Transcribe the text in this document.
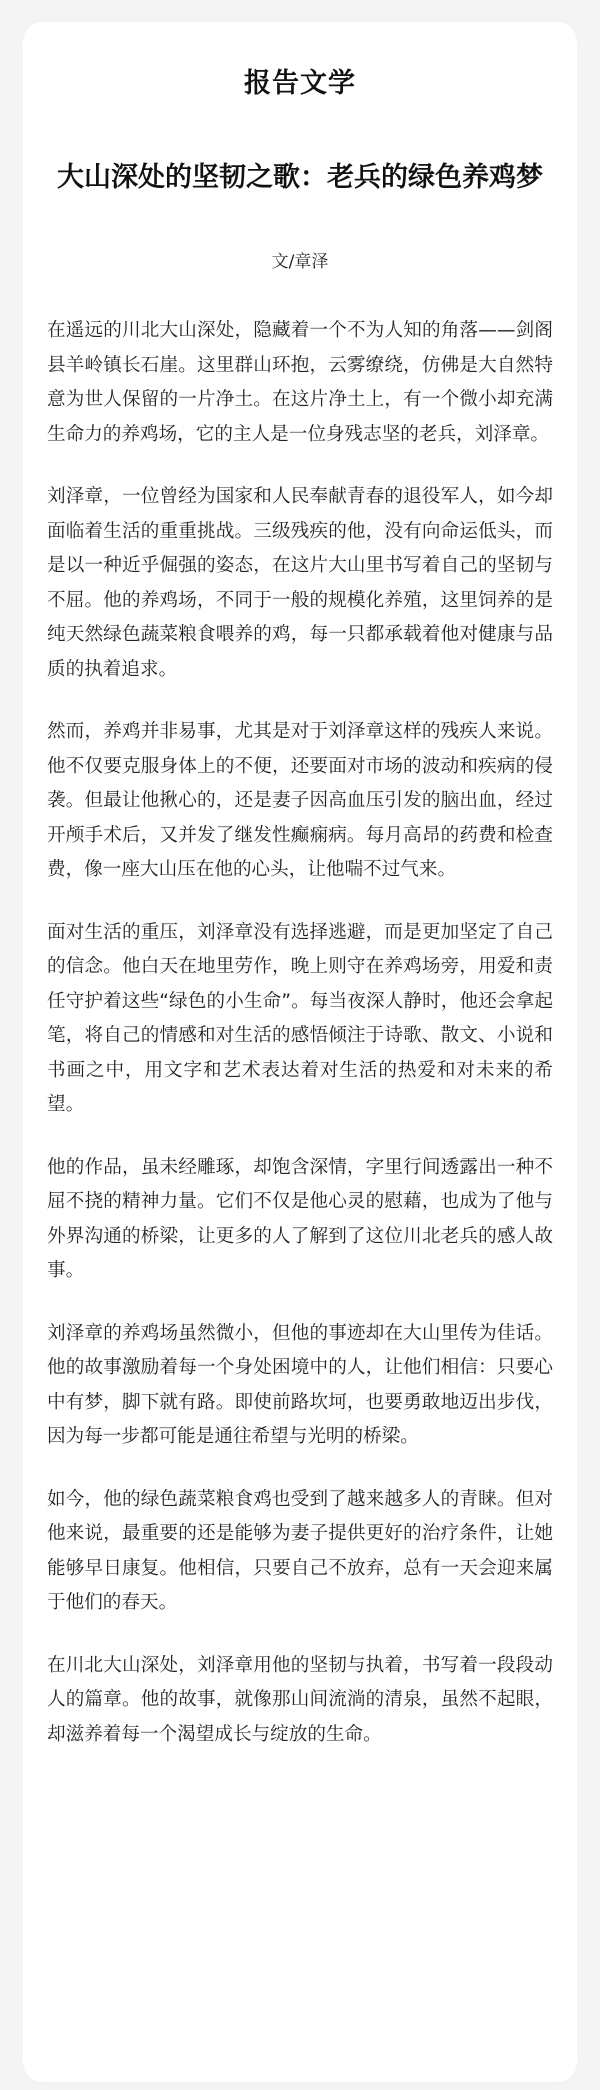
报告文学
大山深处的坚韧之歌：老兵的绿色养鸡梦
文/章泽

在遥远的川北大山深处，隐藏着一个不为人知的角落——剑阁县羊岭镇长石崖。这里群山环抱，云雾缭绕，仿佛是大自然特意为世人保留的一片净土。在这片净土上，有一个微小却充满生命力的养鸡场，它的主人是一位身残志坚的老兵，刘泽章。

刘泽章，一位曾经为国家和人民奉献青春的退役军人，如今却面临着生活的重重挑战。三级残疾的他，没有向命运低头，而是以一种近乎倔强的姿态，在这片大山里书写着自己的坚韧与不屈。他的养鸡场，不同于一般的规模化养殖，这里饲养的是纯天然绿色蔬菜粮食喂养的鸡，每一只都承载着他对健康与品质的执着追求。

然而，养鸡并非易事，尤其是对于刘泽章这样的残疾人来说。他不仅要克服身体上的不便，还要面对市场的波动和疾病的侵袭。但最让他揪心的，还是妻子因高血压引发的脑出血，经过开颅手术后，又并发了继发性癫痫病。每月高昂的药费和检查费，像一座大山压在他的心头，让他喘不过气来。

面对生活的重压，刘泽章没有选择逃避，而是更加坚定了自己的信念。他白天在地里劳作，晚上则守在养鸡场旁，用爱和责任守护着这些“绿色的小生命”。每当夜深人静时，他还会拿起笔，将自己的情感和对生活的感悟倾注于诗歌、散文、小说和书画之中，用文字和艺术表达着对生活的热爱和对未来的希望。

他的作品，虽未经雕琢，却饱含深情，字里行间透露出一种不屈不挠的精神力量。它们不仅是他心灵的慰藉，也成为了他与外界沟通的桥梁，让更多的人了解到了这位川北老兵的感人故事。

刘泽章的养鸡场虽然微小，但他的事迹却在大山里传为佳话。他的故事激励着每一个身处困境中的人，让他们相信：只要心中有梦，脚下就有路。即使前路坎坷，也要勇敢地迈出步伐，因为每一步都可能是通往希望与光明的桥梁。

如今，他的绿色蔬菜粮食鸡也受到了越来越多人的青睐。但对他来说，最重要的还是能够为妻子提供更好的治疗条件，让她能够早日康复。他相信，只要自己不放弃，总有一天会迎来属于他们的春天。

在川北大山深处，刘泽章用他的坚韧与执着，书写着一段段动人的篇章。他的故事，就像那山间流淌的清泉，虽然不起眼，却滋养着每一个渴望成长与绽放的生命。
